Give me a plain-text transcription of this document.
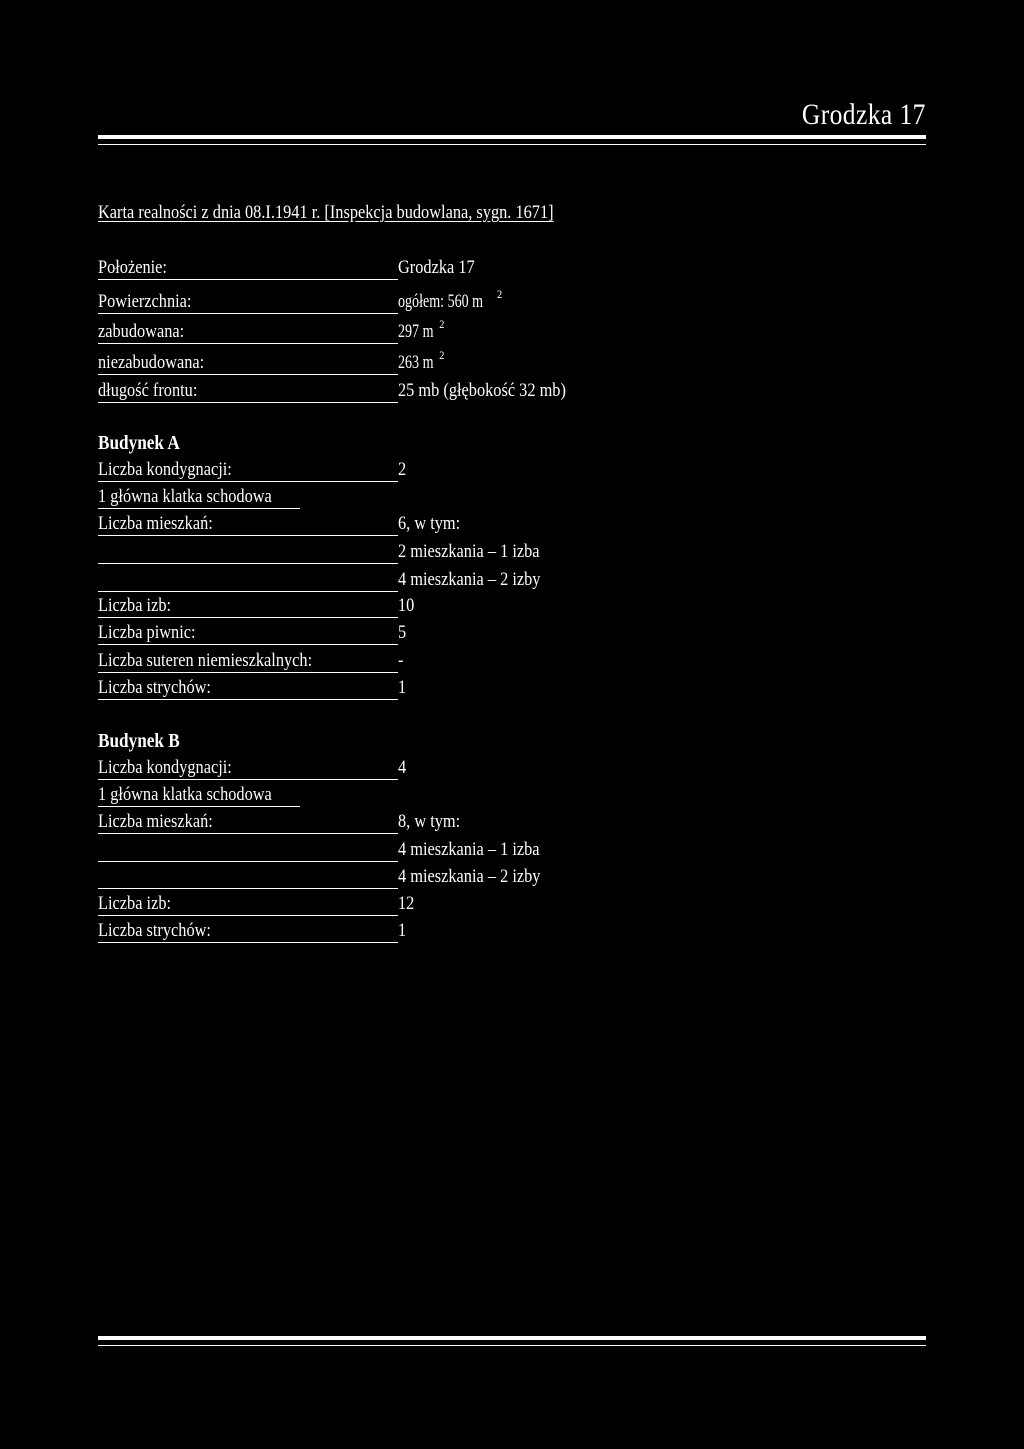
Grodzka 17
Karta realności z dnia 08.I.1941 r. [Inspekcja budowlana, sygn. 1671]
Położenie:	Grodzka 17
Powierzchnia:	ogółem: 560 m $^2$
zabudowana:	297 m $^2$
niezabudowana:	263 m $^2$
długość frontu:	25 mb (głębokość 32 mb)
Budynek A
Liczba kondygnacji:	2
1 główna klatka schodowa
Liczba mieszkań:	6, w tym:
2 mieszkania – 1 izba
4 mieszkania – 2 izby
Liczba izb:	10
Liczba piwnic:	5
Liczba suteren niemieszkalnych:	-
Liczba strychów:	1
Budynek B
Liczba kondygnacji:	4
1 główna klatka schodowa
Liczba mieszkań:	8, w tym:
4 mieszkania – 1 izba
4 mieszkania – 2 izby
Liczba izb:	12
Liczba strychów:	1
